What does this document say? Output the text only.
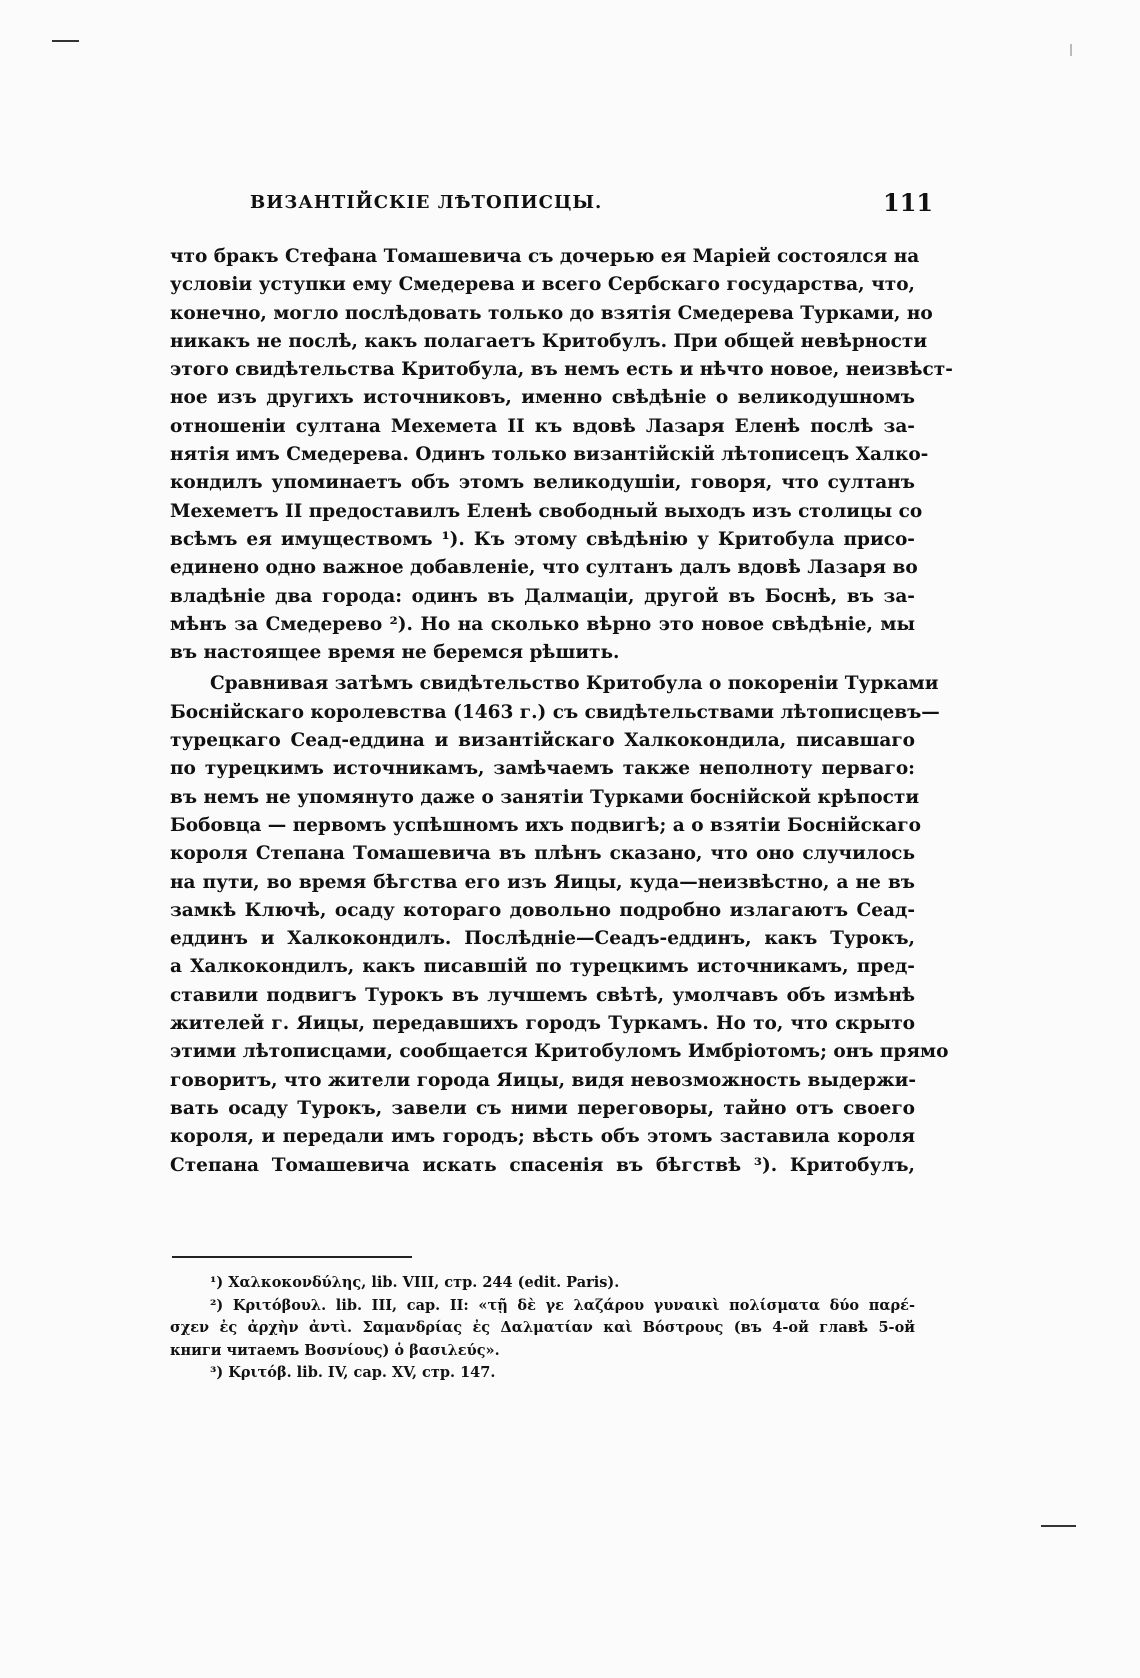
ВИЗАНТІЙСКІЕ ЛѢТОПИСЦЫ.	111
что бракъ Стефана Томашевича съ дочерью ея Маріей состоялся на
условіи уступки ему Смедерева и всего Сербскаго государства, что,
конечно, могло послѣдовать только до взятія Смедерева Турками, но
никакъ не послѣ, какъ полагаетъ Критобулъ. При общей невѣрности
этого свидѣтельства Критобула, въ немъ есть и нѣчто новое, неизвѣст-
ное изъ другихъ источниковъ, именно свѣдѣніе о великодушномъ
отношеніи султана Мехемета II къ вдовѣ Лазаря Еленѣ послѣ за-
нятія имъ Смедерева. Одинъ только византійскій лѣтописецъ Халко-
кондилъ упоминаетъ объ этомъ великодушіи, говоря, что султанъ
Мехеметъ II предоставилъ Еленѣ свободный выходъ изъ столицы со
всѣмъ ея имуществомъ ¹). Къ этому свѣдѣнію у Критобула присо-
единено одно важное добавленіе, что султанъ далъ вдовѣ Лазаря во
владѣніе два города: одинъ въ Далмаціи, другой въ Боснѣ, въ за-
мѣнъ за Смедерево ²). Но на сколько вѣрно это новое свѣдѣніе, мы
въ настоящее время не беремся рѣшить.
Сравнивая затѣмъ свидѣтельство Критобула о покореніи Турками
Боснійскаго королевства (1463 г.) съ свидѣтельствами лѣтописцевъ—
турецкаго Сеад-еддина и византійскаго Халкокондила, писавшаго
по турецкимъ источникамъ, замѣчаемъ также неполноту перваго:
въ немъ не упомянуто даже о занятіи Турками боснійской крѣпости
Бобовца — первомъ успѣшномъ ихъ подвигѣ; а о взятіи Боснійскаго
короля Степана Томашевича въ плѣнъ сказано, что оно случилось
на пути, во время бѣгства его изъ Яицы, куда—неизвѣстно, а не въ
замкѣ Ключѣ, осаду котораго довольно подробно излагаютъ Сеад-
еддинъ и Халкокондилъ. Послѣдніе—Сеадъ-еддинъ, какъ Турокъ,
а Халкокондилъ, какъ писавшій по турецкимъ источникамъ, пред-
ставили подвигъ Турокъ въ лучшемъ свѣтѣ, умолчавъ объ измѣнѣ
жителей г. Яицы, передавшихъ городъ Туркамъ. Но то, что скрыто
этими лѣтописцами, сообщается Критобуломъ Имбріотомъ; онъ прямо
говоритъ, что жители города Яицы, видя невозможность выдержи-
вать осаду Турокъ, завели съ ними переговоры, тайно отъ своего
короля, и передали имъ городъ; вѣсть объ этомъ заставила короля
Степана Томашевича искать спасенія въ бѣгствѣ ³). Критобулъ,
¹) Χαλκοκονδύλης, lib. VIII, стр. 244 (edit. Paris).
²) Κριτόβουλ. lib. III, cap. II: «τῇ δὲ γε λαζάρου γυναικὶ πολίσματα δύο παρέ-
σχεν ἐς ἀρχὴν ἀντὶ. Σαμανδρίας ἐς Δαλματίαν καὶ Βόστρους (въ 4-ой главѣ 5-ой
книги читаемъ Βοσνίους) ὁ βασιλεύς».
³) Κριτόβ. lib. IV, cap. XV, стр. 147.
